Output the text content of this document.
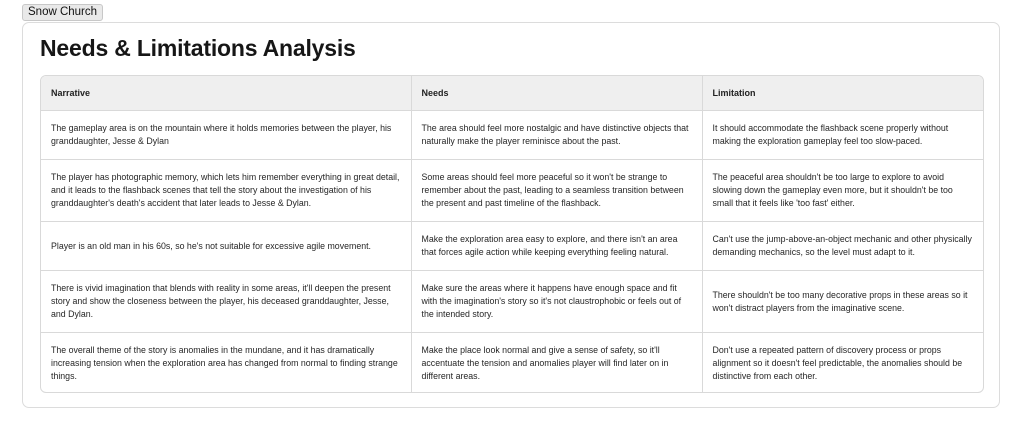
Snow Church
Needs & Limitations Analysis
Narrative	Needs	Limitation
The gameplay area is on the mountain where it holds memories between the player, his granddaughter, Jesse & Dylan	The area should feel more nostalgic and have distinctive objects that naturally make the player reminisce about the past.	It should accommodate the flashback scene properly without making the exploration gameplay feel too slow-paced.
The player has photographic memory, which lets him remember everything in great detail, and it leads to the flashback scenes that tell the story about the investigation of his granddaughter's death's accident that later leads to Jesse & Dylan.	Some areas should feel more peaceful so it won't be strange to remember about the past, leading to a seamless transition between the present and past timeline of the flashback.	The peaceful area shouldn't be too large to explore to avoid slowing down the gameplay even more, but it shouldn't be too small that it feels like 'too fast' either.
Player is an old man in his 60s, so he's not suitable for excessive agile movement.	Make the exploration area easy to explore, and there isn't an area that forces agile action while keeping everything feeling natural.	Can't use the jump-above-an-object mechanic and other physically demanding mechanics, so the level must adapt to it.
There is vivid imagination that blends with reality in some areas, it'll deepen the present story and show the closeness between the player, his deceased granddaughter, Jesse, and Dylan.	Make sure the areas where it happens have enough space and fit with the imagination's story so it's not claustrophobic or feels out of the intended story.	There shouldn't be too many decorative props in these areas so it won't distract players from the imaginative scene.
The overall theme of the story is anomalies in the mundane, and it has dramatically increasing tension when the exploration area has changed from normal to finding strange things.	Make the place look normal and give a sense of safety, so it'll accentuate the tension and anomalies player will find later on in different areas.	Don't use a repeated pattern of discovery process or props alignment so it doesn't feel predictable, the anomalies should be distinctive from each other.
